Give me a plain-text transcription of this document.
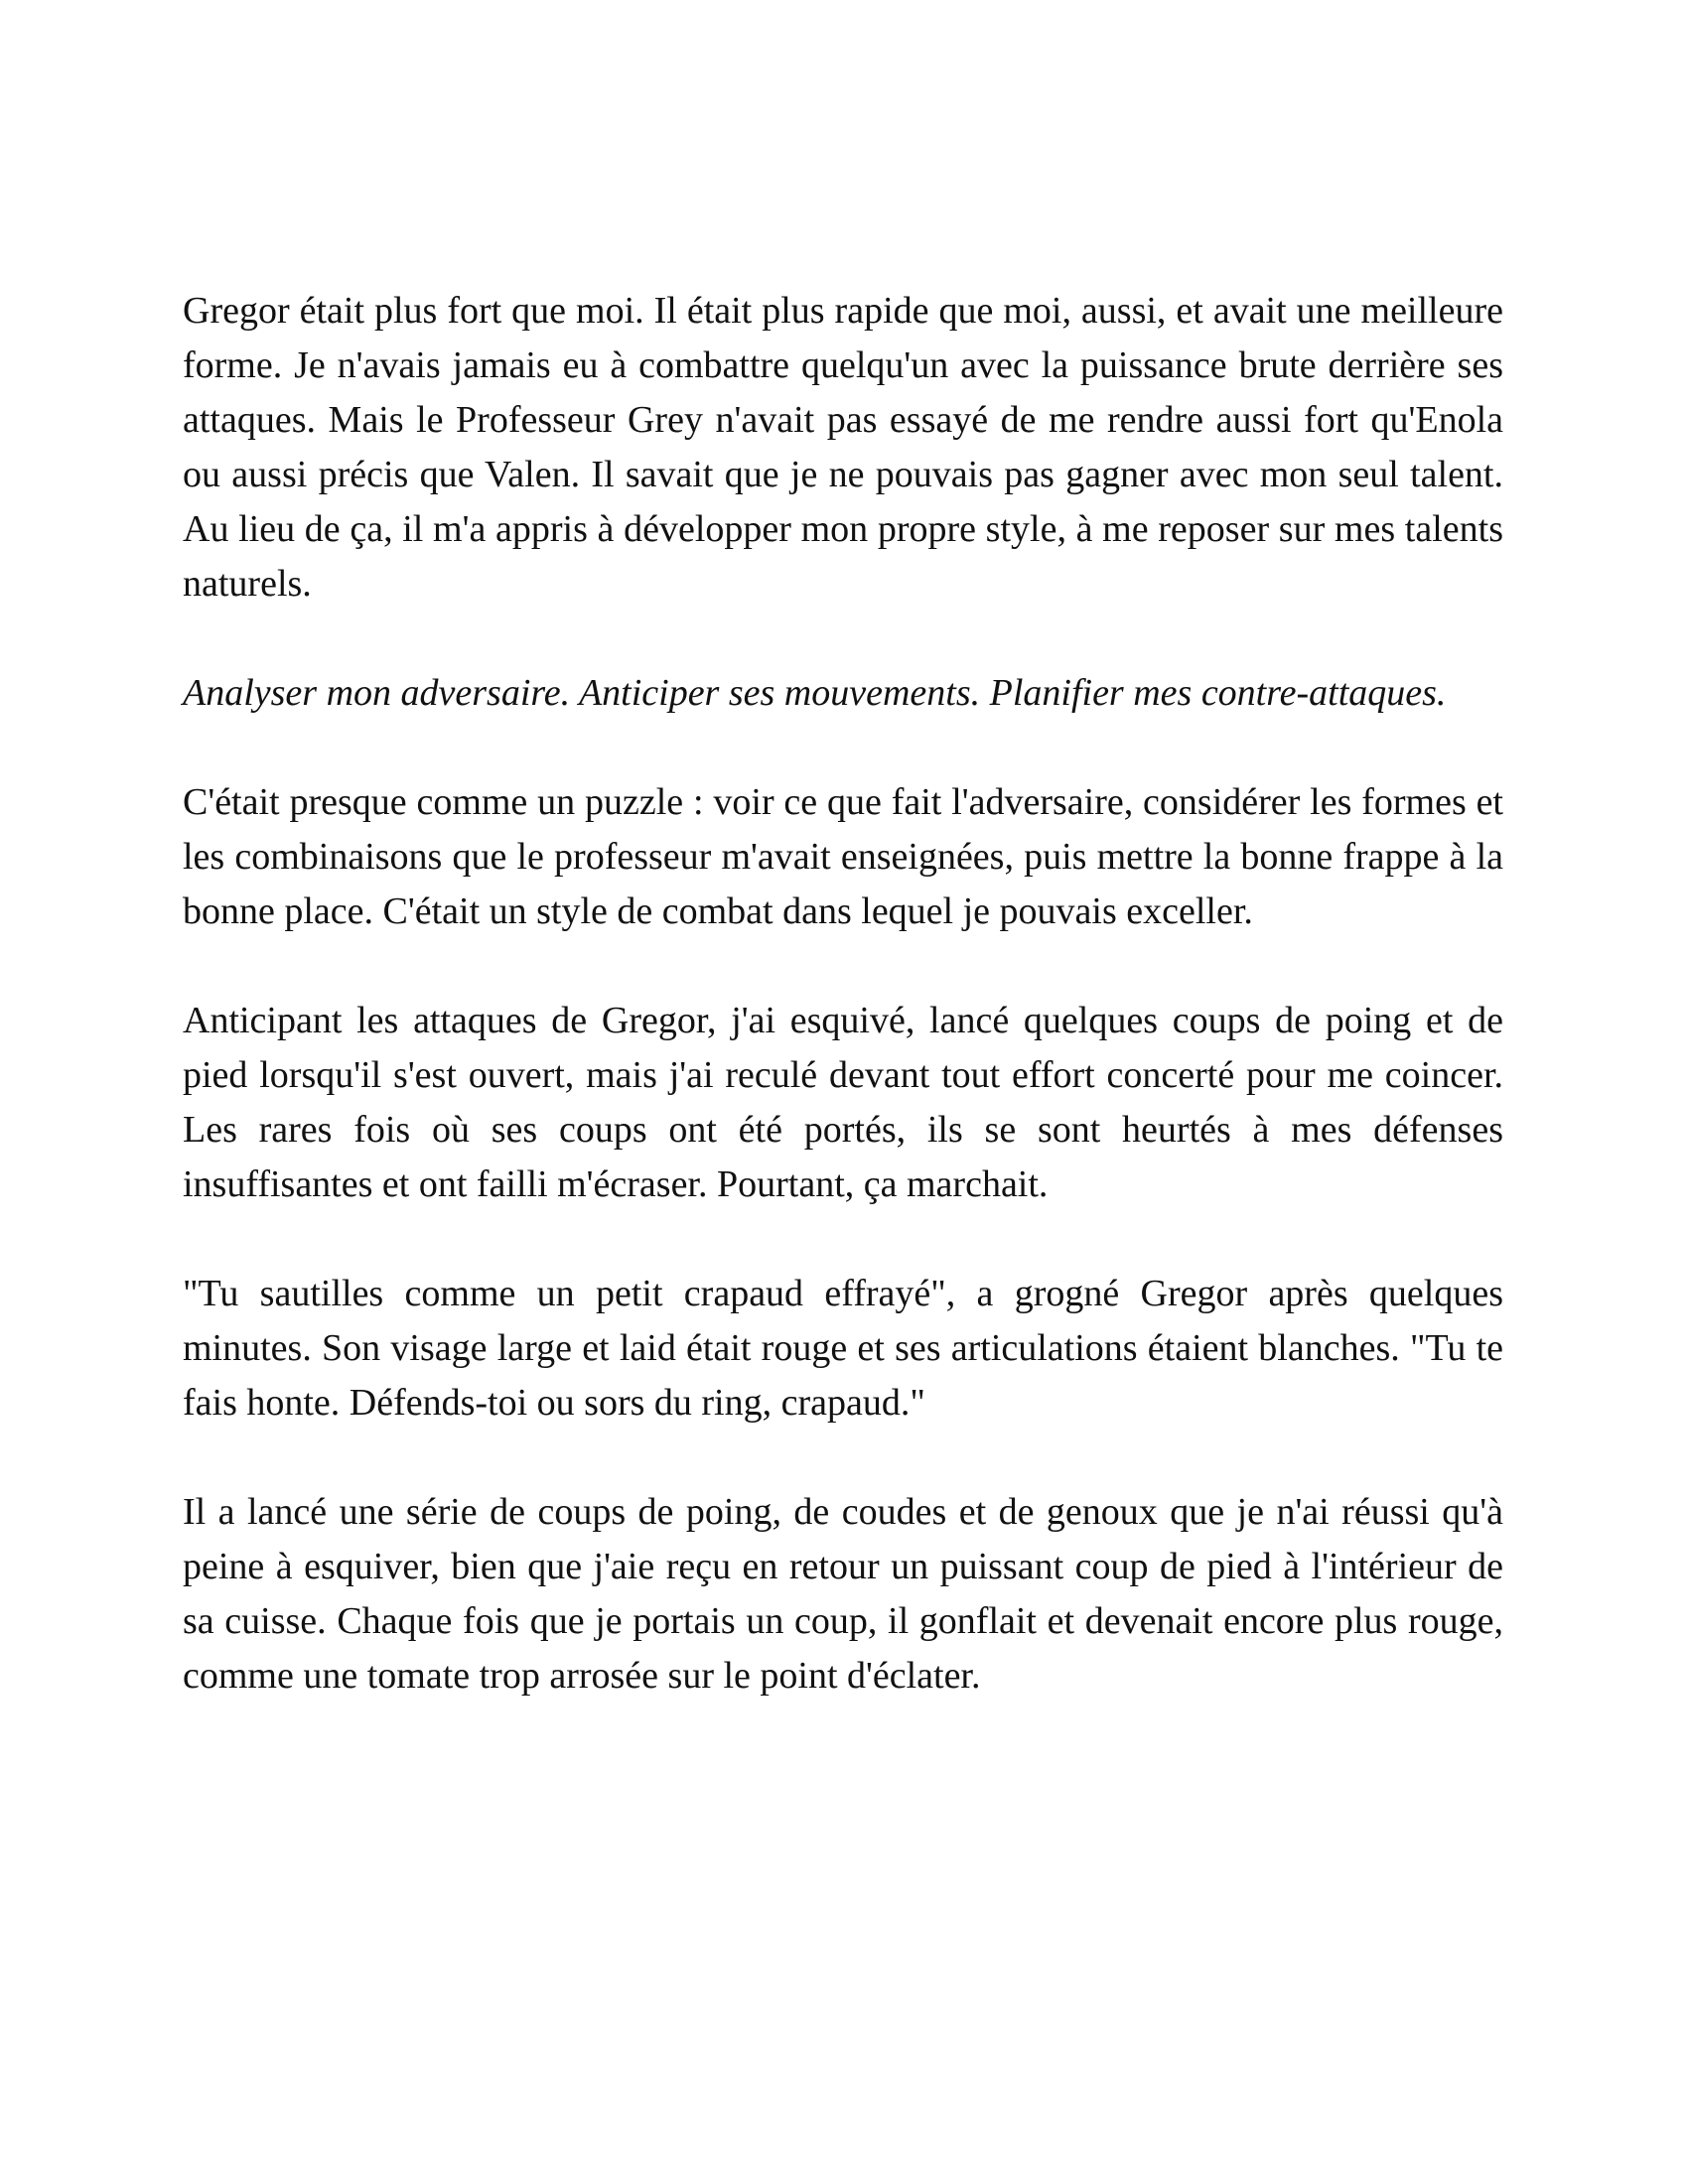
Gregor était plus fort que moi. Il était plus rapide que moi, aussi, et avait une meilleure forme. Je n'avais jamais eu à combattre quelqu'un avec la puissance brute derrière ses attaques. Mais le Professeur Grey n'avait pas essayé de me rendre aussi fort qu'Enola ou aussi précis que Valen. Il savait que je ne pouvais pas gagner avec mon seul talent. Au lieu de ça, il m'a appris à développer mon propre style, à me reposer sur mes talents naturels.

Analyser mon adversaire. Anticiper ses mouvements. Planifier mes contre-attaques.

C'était presque comme un puzzle : voir ce que fait l'adversaire, considérer les formes et les combinaisons que le professeur m'avait enseignées, puis mettre la bonne frappe à la bonne place. C'était un style de combat dans lequel je pouvais exceller.

Anticipant les attaques de Gregor, j'ai esquivé, lancé quelques coups de poing et de pied lorsqu'il s'est ouvert, mais j'ai reculé devant tout effort concerté pour me coincer. Les rares fois où ses coups ont été portés, ils se sont heurtés à mes défenses insuffisantes et ont failli m'écraser. Pourtant, ça marchait.

"Tu sautilles comme un petit crapaud effrayé", a grogné Gregor après quelques minutes. Son visage large et laid était rouge et ses articulations étaient blanches. "Tu te fais honte. Défends-toi ou sors du ring, crapaud."

Il a lancé une série de coups de poing, de coudes et de genoux que je n'ai réussi qu'à peine à esquiver, bien que j'aie reçu en retour un puissant coup de pied à l'intérieur de sa cuisse. Chaque fois que je portais un coup, il gonflait et devenait encore plus rouge, comme une tomate trop arrosée sur le point d'éclater.
